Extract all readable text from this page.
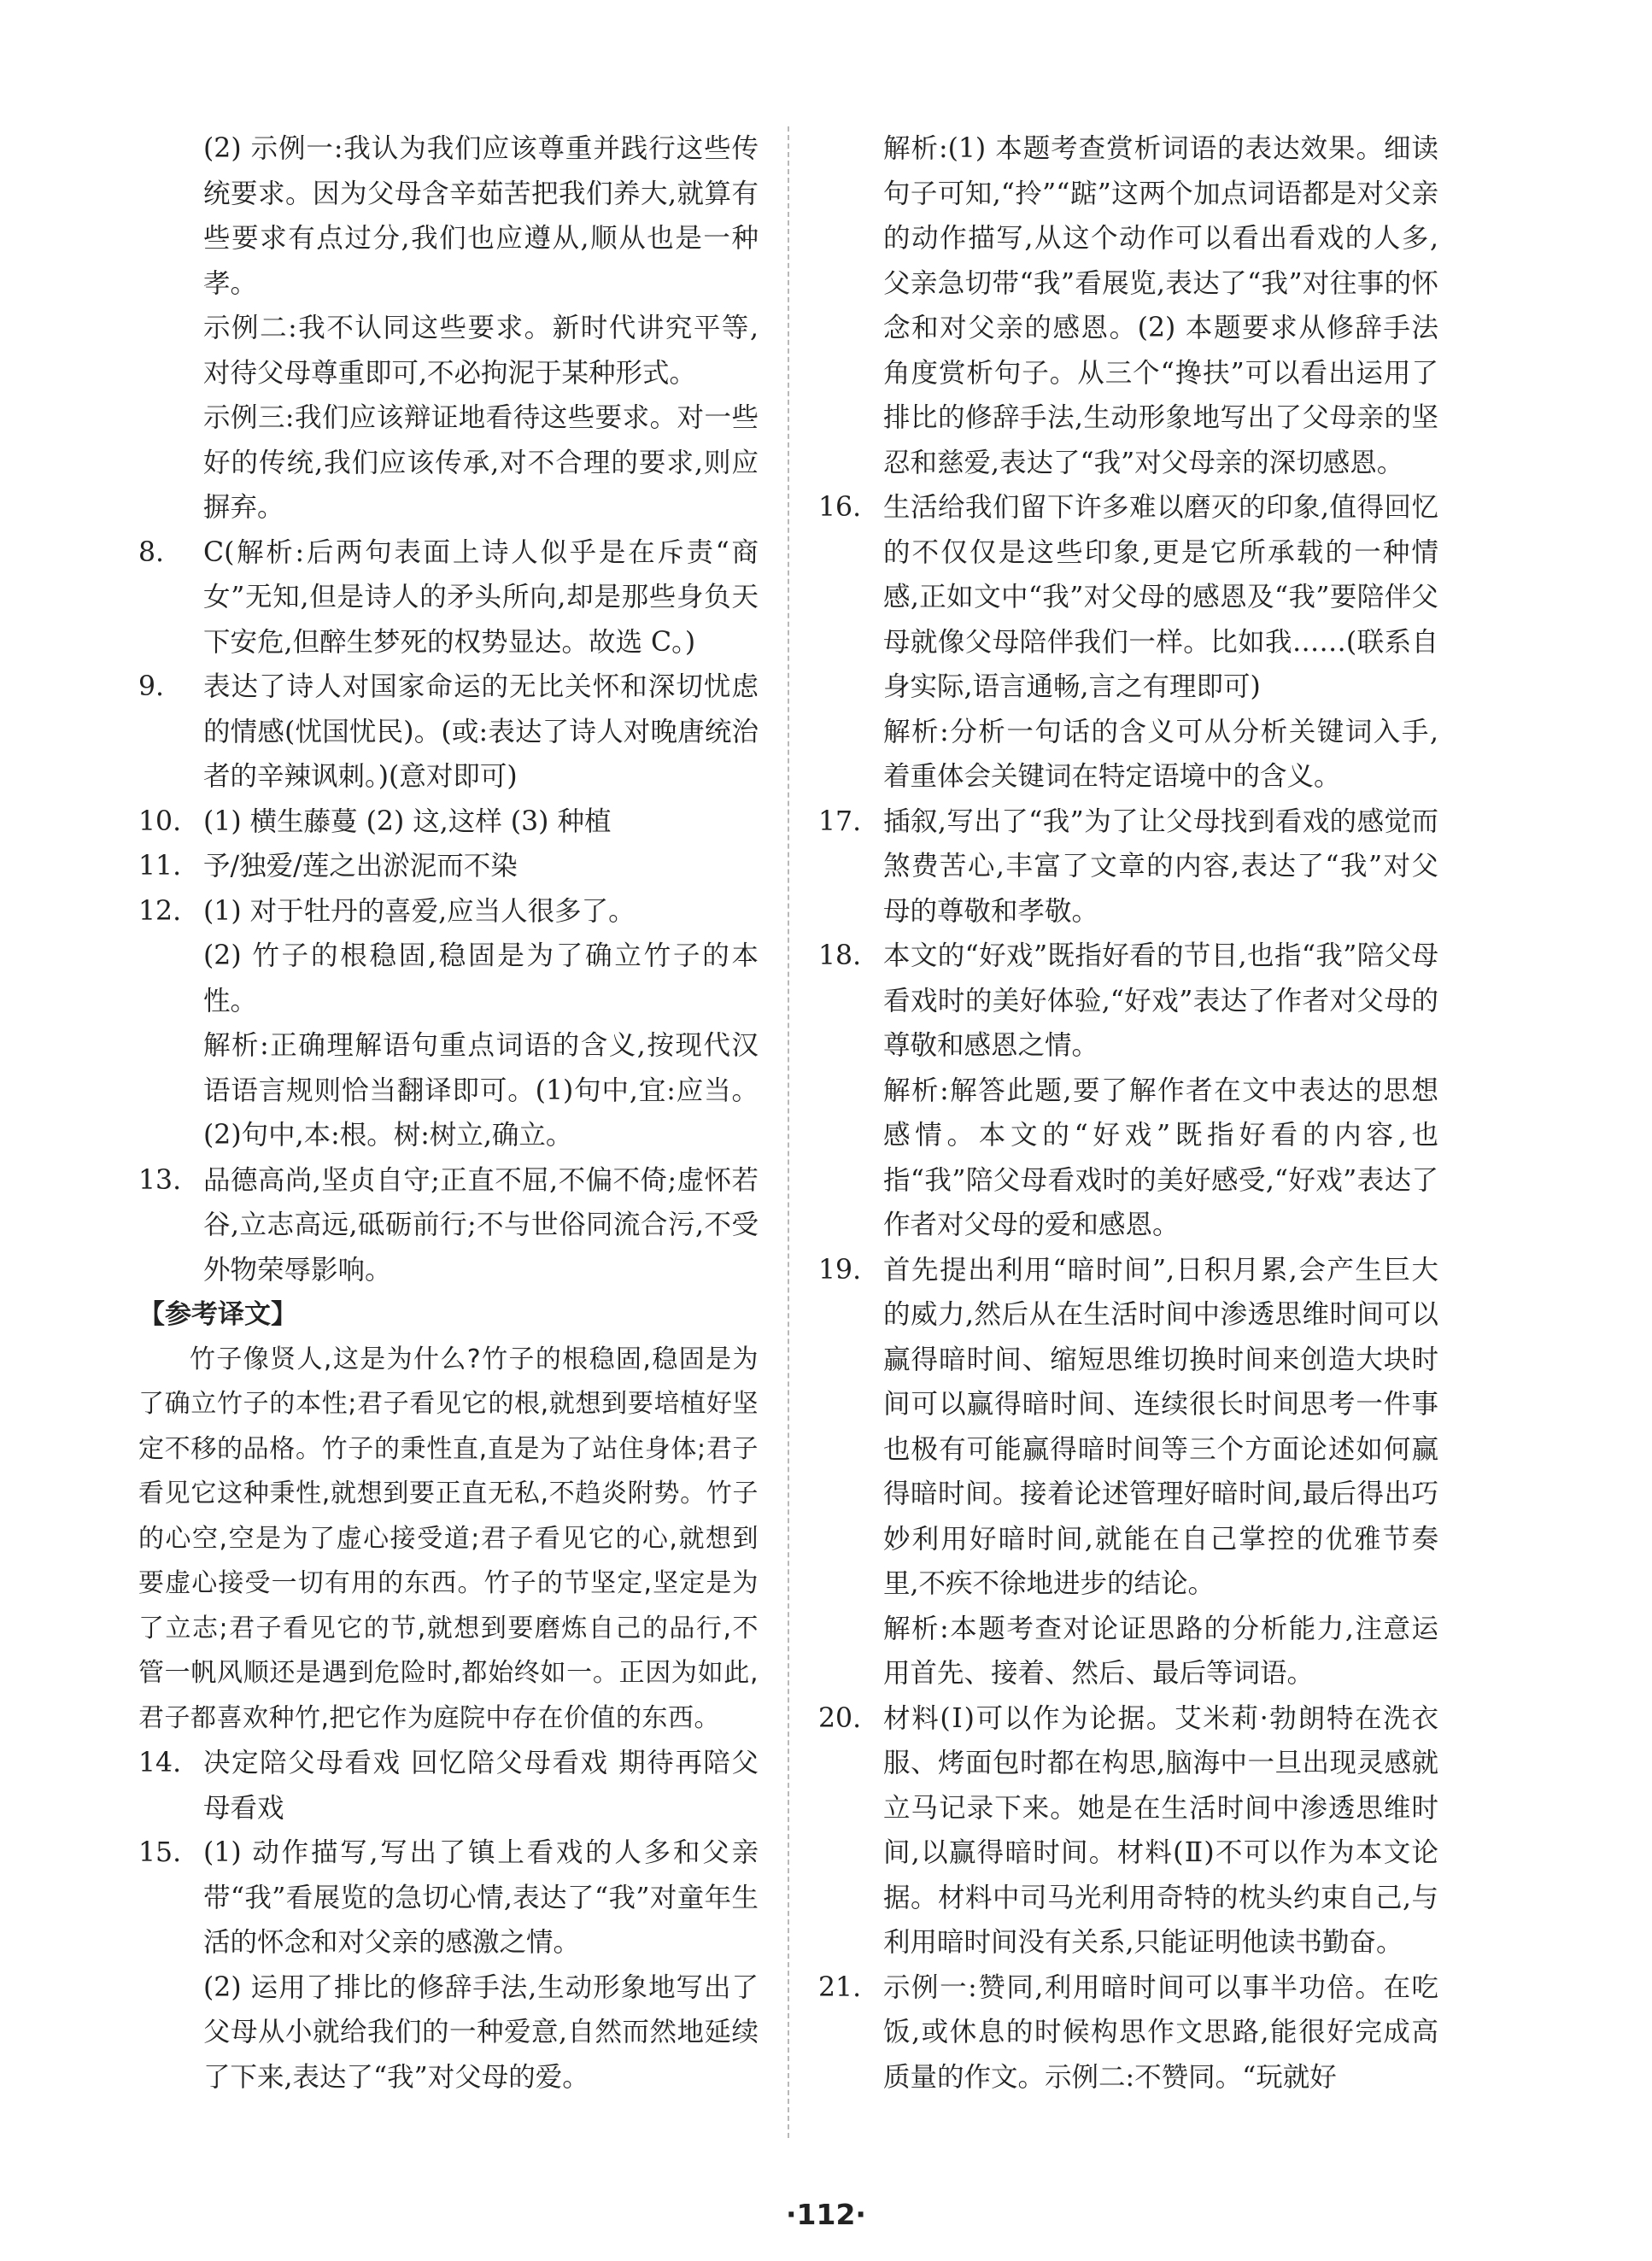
(2) 示例一:我认为我们应该尊重并践行这些传统要求。因为父母含辛茹苦把我们养大,就算有些要求有点过分,我们也应遵从,顺从也是一种孝。
示例二:我不认同这些要求。新时代讲究平等,对待父母尊重即可,不必拘泥于某种形式。
示例三:我们应该辩证地看待这些要求。对一些好的传统,我们应该传承,对不合理的要求,则应摒弃。
8.	C(解析:后两句表面上诗人似乎是在斥责“商女”无知,但是诗人的矛头所向,却是那些身负天下安危,但醉生梦死的权势显达。故选 C。)
9.	表达了诗人对国家命运的无比关怀和深切忧虑的情感(忧国忧民)。(或:表达了诗人对晚唐统治者的辛辣讽刺。)(意对即可)
10. (1) 横生藤蔓 (2) 这,这样 (3) 种植
11. 予/独爱/莲之出淤泥而不染
12. (1) 对于牡丹的喜爱,应当人很多了。
(2) 竹子的根稳固,稳固是为了确立竹子的本性。
解析:正确理解语句重点词语的含义,按现代汉语语言规则恰当翻译即可。(1)句中,宜:应当。(2)句中,本:根。树:树立,确立。
13. 品德高尚,坚贞自守;正直不屈,不偏不倚;虚怀若谷,立志高远,砥砺前行;不与世俗同流合污,不受外物荣辱影响。

【参考译文】

竹子像贤人,这是为什么?竹子的根稳固,稳固是为了确立竹子的本性;君子看见它的根,就想到要培植好坚定不移的品格。竹子的秉性直,直是为了站住身体;君子看见它这种秉性,就想到要正直无私,不趋炎附势。竹子的心空,空是为了虚心接受道;君子看见它的心,就想到要虚心接受一切有用的东西。竹子的节坚定,坚定是为了立志;君子看见它的节,就想到要磨炼自己的品行,不管一帆风顺还是遇到危险时,都始终如一。正因为如此,君子都喜欢种竹,把它作为庭院中存在价值的东西。

14. 决定陪父母看戏 回忆陪父母看戏 期待再陪父母看戏
15. (1) 动作描写,写出了镇上看戏的人多和父亲带“我”看展览的急切心情,表达了“我”对童年生活的怀念和对父亲的感激之情。
(2) 运用了排比的修辞手法,生动形象地写出了父母从小就给我们的一种爱意,自然而然地延续了下来,表达了“我”对父母的爱。
解析:(1) 本题考查赏析词语的表达效果。细读句子可知,“拎”“踮”这两个加点词语都是对父亲的动作描写,从这个动作可以看出看戏的人多,父亲急切带“我”看展览,表达了“我”对往事的怀念和对父亲的感恩。(2) 本题要求从修辞手法角度赏析句子。从三个“搀扶”可以看出运用了排比的修辞手法,生动形象地写出了父母亲的坚忍和慈爱,表达了“我”对父母亲的深切感恩。
16. 生活给我们留下许多难以磨灭的印象,值得回忆的不仅仅是这些印象,更是它所承载的一种情感,正如文中“我”对父母的感恩及“我”要陪伴父母就像父母陪伴我们一样。比如我……(联系自身实际,语言通畅,言之有理即可)
解析:分析一句话的含义可从分析关键词入手,着重体会关键词在特定语境中的含义。
17. 插叙,写出了“我”为了让父母找到看戏的感觉而煞费苦心,丰富了文章的内容,表达了“我”对父母的尊敬和孝敬。
18. 本文的“好戏”既指好看的节目,也指“我”陪父母看戏时的美好体验,“好戏”表达了作者对父母的尊敬和感恩之情。
解析:解答此题,要了解作者在文中表达的思想感情。本文的“好戏”既指好看的内容,也指“我”陪父母看戏时的美好感受,“好戏”表达了作者对父母的爱和感恩。
19. 首先提出利用“暗时间”,日积月累,会产生巨大的威力,然后从在生活时间中渗透思维时间可以赢得暗时间、缩短思维切换时间来创造大块时间可以赢得暗时间、连续很长时间思考一件事也极有可能赢得暗时间等三个方面论述如何赢得暗时间。接着论述管理好暗时间,最后得出巧妙利用好暗时间,就能在自己掌控的优雅节奏里,不疾不徐地进步的结论。
解析:本题考查对论证思路的分析能力,注意运用首先、接着、然后、最后等词语。
20. 材料(Ⅰ)可以作为论据。艾米莉·勃朗特在洗衣服、烤面包时都在构思,脑海中一旦出现灵感就立马记录下来。她是在生活时间中渗透思维时间,以赢得暗时间。材料(Ⅱ)不可以作为本文论据。材料中司马光利用奇特的枕头约束自己,与利用暗时间没有关系,只能证明他读书勤奋。
21. 示例一:赞同,利用暗时间可以事半功倍。在吃饭,或休息的时候构思作文思路,能很好完成高质量的作文。示例二:不赞同。“玩就好
·112·
